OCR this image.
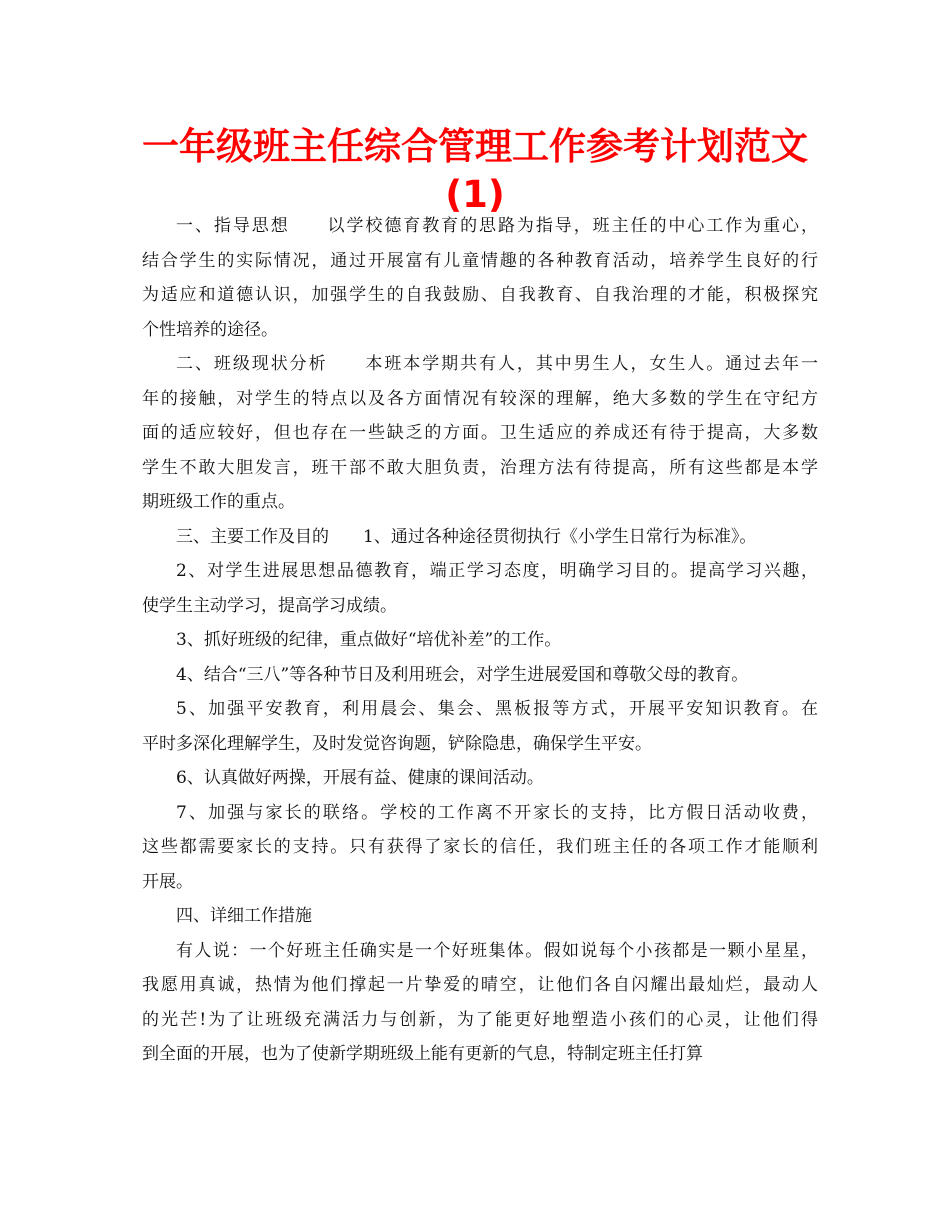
一年级班主任综合管理工作参考计划范文
(1)
一、指导思想　　以学校德育教育的思路为指导，班主任的中心工作为重心，
结合学生的实际情况，通过开展富有儿童情趣的各种教育活动，培养学生良好的行
为适应和道德认识，加强学生的自我鼓励、自我教育、自我治理的才能，积极探究
个性培养的途径。
二、班级现状分析　　本班本学期共有人，其中男生人，女生人。通过去年一
年的接触，对学生的特点以及各方面情况有较深的理解，绝大多数的学生在守纪方
面的适应较好，但也存在一些缺乏的方面。卫生适应的养成还有待于提高，大多数
学生不敢大胆发言，班干部不敢大胆负责，治理方法有待提高，所有这些都是本学
期班级工作的重点。
三、主要工作及目的　　1、通过各种途径贯彻执行《小学生日常行为标准》。
2、对学生进展思想品德教育，端正学习态度，明确学习目的。提高学习兴趣，
使学生主动学习，提高学习成绩。
3、抓好班级的纪律，重点做好“培优补差”的工作。
4、结合“三八”等各种节日及利用班会，对学生进展爱国和尊敬父母的教育。
5、加强平安教育，利用晨会、集会、黑板报等方式，开展平安知识教育。在
平时多深化理解学生，及时发觉咨询题，铲除隐患，确保学生平安。
6、认真做好两操，开展有益、健康的课间活动。
7、加强与家长的联络。学校的工作离不开家长的支持，比方假日活动收费，
这些都需要家长的支持。只有获得了家长的信任，我们班主任的各项工作才能顺利
开展。
四、详细工作措施
有人说：一个好班主任确实是一个好班集体。假如说每个小孩都是一颗小星星，
我愿用真诚，热情为他们撑起一片挚爱的晴空，让他们各自闪耀出最灿烂，最动人
的光芒!为了让班级充满活力与创新，为了能更好地塑造小孩们的心灵，让他们得
到全面的开展，也为了使新学期班级上能有更新的气息，特制定班主任打算
